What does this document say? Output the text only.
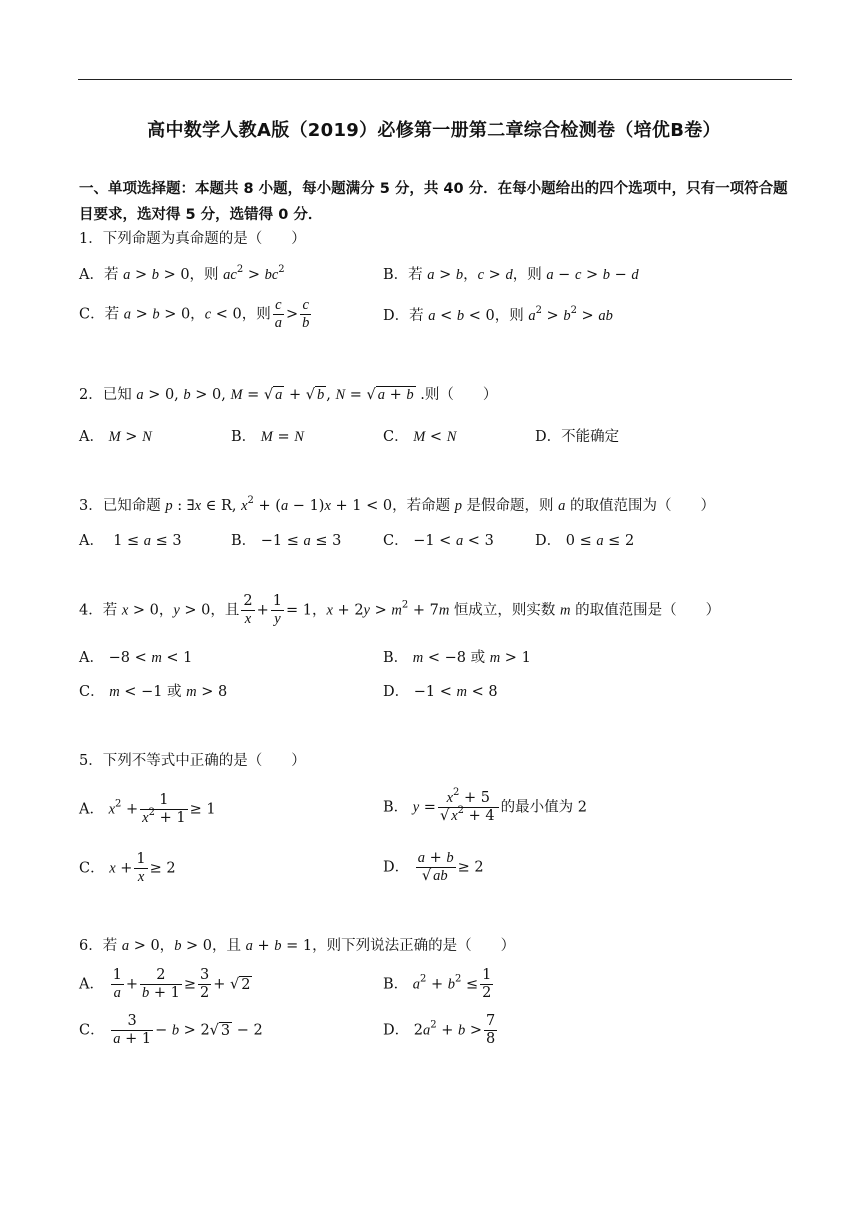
高中数学人教A版（2019）必修第一册第二章综合检测卷（培优B卷）
一、单项选择题：本题共 8 小题，每小题满分 5 分，共 40 分．在每小题给出的四个选项中，只有一项符合题目要求，选对得 5 分，选错得 0 分．
1．下列命题为真命题的是（　　）
A．若 a > b > 0，则 $ac^2 > bc^2$	B．若 a > b，c > d，则 a − c > b − d
C．若 a > b > 0，c < 0，则 $\frac{c}{a} > \frac{c}{b}$	D．若 a < b < 0，则 $a^2 > b^2$ > ab
2．已知 a > 0, b > 0, M = √ a + √ b , N = √ a + b .则（　　）
A． M > N	B． M = N	C． M < N	D．不能确定
3．已知命题 p : ∃x ∈ R, $x^2 + (a - 1)x + 1 < 0$，若命题 p 是假命题，则 a 的取值范围为（　　）
A．  1 ≤ a ≤ 3	B． −1 ≤ a ≤ 3	C． −1 < a < 3	D． 0 ≤ a ≤ 2
4．若 x > 0，y > 0，且 $\frac{2}{x} + \frac{1}{y} = 1$，$x + 2y > m^2 + 7m$ 恒成立，则实数 m 的取值范围是（　　）
A． −8 < m < 1	B． m < −8 或 m > 1
C． m < −1 或 m > 8	D． −1 < m < 8
5．下列不等式中正确的是（　　）
A． $x^2 + \frac{1}{x^2 + 1} \ge 1$	B． $y = \frac{x^2 + 5}{√ x^2 + 4}$ 的最小值为 2
C． $x + \frac{1}{x} \ge 2$	D． $\frac{a + b}{√ ab} \ge 2$
6．若 a > 0，b > 0，且 a + b = 1，则下列说法正确的是（　　）
A． $\frac{1}{a} + \frac{2}{b + 1} \ge \frac{3}{2}$ + √ 2	B． $a^2 + b^2 \le \frac{1}{2}$
C． $\frac{3}{a + 1} - b > 2√$ 3 − 2	D． $2a^2 + b > \frac{7}{8}$
